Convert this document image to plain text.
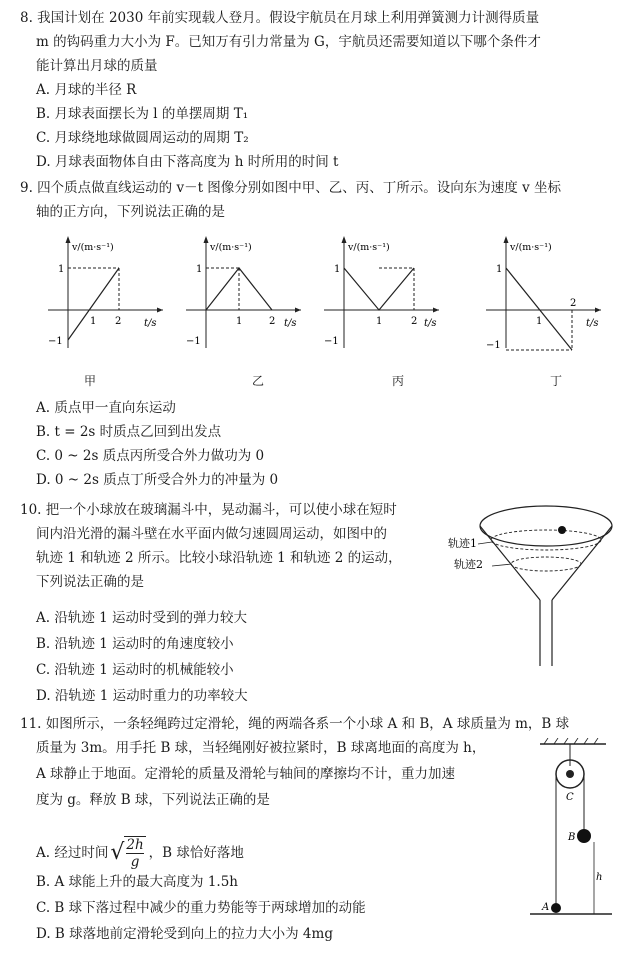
8. 我国计划在 2030 年前实现载人登月。假设宇航员在月球上利用弹簧测力计测得质量
m 的钩码重力大小为 F。已知万有引力常量为 G，宇航员还需要知道以下哪个条件才
能计算出月球的质量
A. 月球的半径 R
B. 月球表面摆长为 l 的单摆周期 T₁
C. 月球绕地球做圆周运动的周期 T₂
D. 月球表面物体自由下落高度为 h 时所用的时间 t
9. 四个质点做直线运动的 v－t 图像分别如图中甲、乙、丙、丁所示。设向东为速度 v 坐标
轴的正方向，下列说法正确的是
v/(m·s⁻¹)
t/s
1
−1
1 2
甲
v/(m·s⁻¹)
t/s
1
−1
1	2
乙
v/(m·s⁻¹)
t/s
1
−1
1	2
丙
v/(m·s⁻¹)
t/s
1
−1
1
2
丁
A. 质点甲一直向东运动
B. t = 2s 时质点乙回到出发点
C. 0 ~ 2s 质点丙所受合外力做功为 0
D. 0 ~ 2s 质点丁所受合外力的冲量为 0
10. 把一个小球放在玻璃漏斗中，晃动漏斗，可以使小球在短时
间内沿光滑的漏斗壁在水平面内做匀速圆周运动，如图中的
轨迹 1 和轨迹 2 所示。比较小球沿轨迹 1 和轨迹 2 的运动，
下列说法正确的是
A. 沿轨迹 1 运动时受到的弹力较大
B. 沿轨迹 1 运动时的角速度较小
C. 沿轨迹 1 运动时的机械能较小
D. 沿轨迹 1 运动时重力的功率较大
轨迹1
轨迹2
11. 如图所示，一条轻绳跨过定滑轮，绳的两端各系一个小球 A 和 B，A 球质量为 m，B 球
质量为 3m。用手托 B 球，当轻绳刚好被拉紧时，B 球离地面的高度为 h，
A 球静止于地面。定滑轮的质量及滑轮与轴间的摩擦均不计，重力加速
度为 g。释放 B 球，下列说法正确的是
A. 经过时间 √ $\frac{2h}{g}$ ，B 球恰好落地
B. A 球能上升的最大高度为 1.5h
C. B 球下落过程中减少的重力势能等于两球增加的动能
D. B 球落地前定滑轮受到向上的拉力大小为 4mg
C
B
A
h
